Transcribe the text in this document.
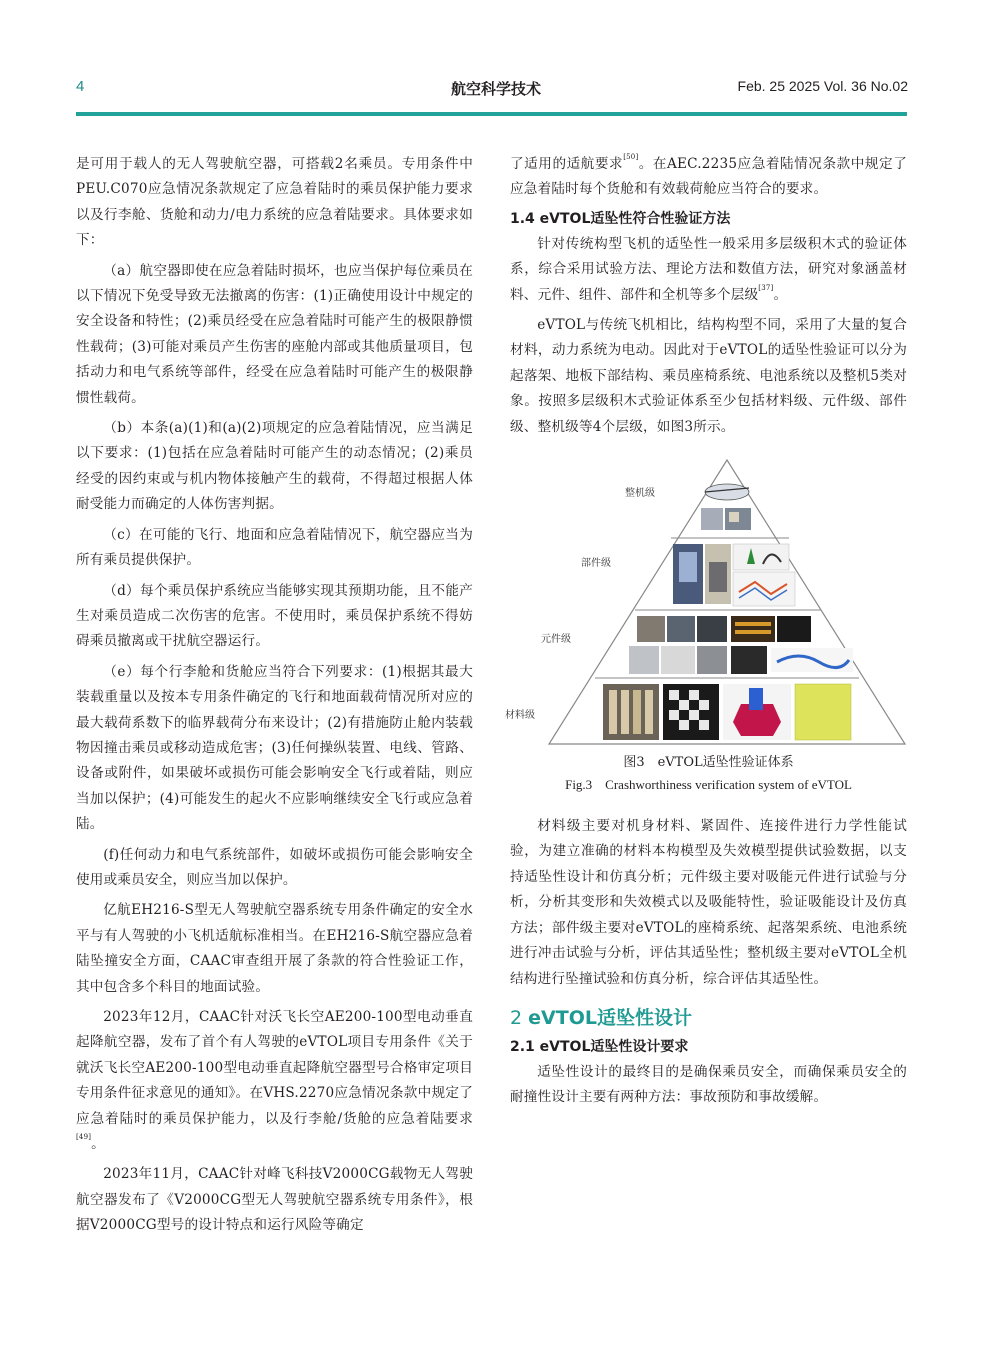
4	航空科学技术	Feb. 25 2025 Vol. 36 No.02

是可用于载人的无人驾驶航空器，可搭载2名乘员。专用条件中PEU.C070应急情况条款规定了应急着陆时的乘员保护能力要求以及行李舱、货舱和动力/电力系统的应急着陆要求。具体要求如下：

（a）航空器即使在应急着陆时损坏，也应当保护每位乘员在以下情况下免受导致无法撤离的伤害：(1)正确使用设计中规定的安全设备和特性；(2)乘员经受在应急着陆时可能产生的极限静惯性载荷；(3)可能对乘员产生伤害的座舱内部或其他质量项目，包括动力和电气系统等部件，经受在应急着陆时可能产生的极限静惯性载荷。

（b）本条(a)(1)和(a)(2)项规定的应急着陆情况，应当满足以下要求：(1)包括在应急着陆时可能产生的动态情况；(2)乘员经受的因约束或与机内物体接触产生的载荷，不得超过根据人体耐受能力而确定的人体伤害判据。

（c）在可能的飞行、地面和应急着陆情况下，航空器应当为所有乘员提供保护。

（d）每个乘员保护系统应当能够实现其预期功能，且不能产生对乘员造成二次伤害的危害。不使用时，乘员保护系统不得妨碍乘员撤离或干扰航空器运行。

（e）每个行李舱和货舱应当符合下列要求：(1)根据其最大装载重量以及按本专用条件确定的飞行和地面载荷情况所对应的最大载荷系数下的临界载荷分布来设计；(2)有措施防止舱内装载物因撞击乘员或移动造成危害；(3)任何操纵装置、电线、管路、设备或附件，如果破坏或损伤可能会影响安全飞行或着陆，则应当加以保护；(4)可能发生的起火不应影响继续安全飞行或应急着陆。

(f)任何动力和电气系统部件，如破坏或损伤可能会影响安全使用或乘员安全，则应当加以保护。

亿航EH216-S型无人驾驶航空器系统专用条件确定的安全水平与有人驾驶的小飞机适航标准相当。在EH216-S航空器应急着陆坠撞安全方面，CAAC审查组开展了条款的符合性验证工作，其中包含多个科目的地面试验。

2023年12月，CAAC针对沃飞长空AE200-100型电动垂直起降航空器，发布了首个有人驾驶的eVTOL项目专用条件《关于就沃飞长空AE200-100型电动垂直起降航空器型号合格审定项目专用条件征求意见的通知》。在VHS.2270应急情况条款中规定了应急着陆时的乘员保护能力，以及行李舱/货舱的应急着陆要求[49]。

2023年11月，CAAC针对峰飞科技V2000CG载物无人驾驶航空器发布了《V2000CG型无人驾驶航空器系统专用条件》，根据V2000CG型号的设计特点和运行风险等确定

了适用的适航要求[50]。在AEC.2235应急着陆情况条款中规定了应急着陆时每个货舱和有效载荷舱应当符合的要求。

1.4 eVTOL适坠性符合性验证方法

针对传统构型飞机的适坠性一般采用多层级积木式的验证体系，综合采用试验方法、理论方法和数值方法，研究对象涵盖材料、元件、组件、部件和全机等多个层级[37]。

eVTOL与传统飞机相比，结构构型不同，采用了大量的复合材料，动力系统为电动。因此对于eVTOL的适坠性验证可以分为起落架、地板下部结构、乘员座椅系统、电池系统以及整机5类对象。按照多层级积木式验证体系至少包括材料级、元件级、部件级、整机级等4个层级，如图3所示。

整机级
部件级
元件级
材料级
图3　eVTOL适坠性验证体系
Fig.3　Crashworthiness verification system of eVTOL

材料级主要对机身材料、紧固件、连接件进行力学性能试验，为建立准确的材料本构模型及失效模型提供试验数据，以支持适坠性设计和仿真分析；元件级主要对吸能元件进行试验与分析，分析其变形和失效模式以及吸能特性，验证吸能设计及仿真方法；部件级主要对eVTOL的座椅系统、起落架系统、电池系统进行冲击试验与分析，评估其适坠性；整机级主要对eVTOL全机结构进行坠撞试验和仿真分析，综合评估其适坠性。

2 eVTOL适坠性设计
2.1 eVTOL适坠性设计要求

适坠性设计的最终目的是确保乘员安全，而确保乘员安全的耐撞性设计主要有两种方法：事故预防和事故缓解。
